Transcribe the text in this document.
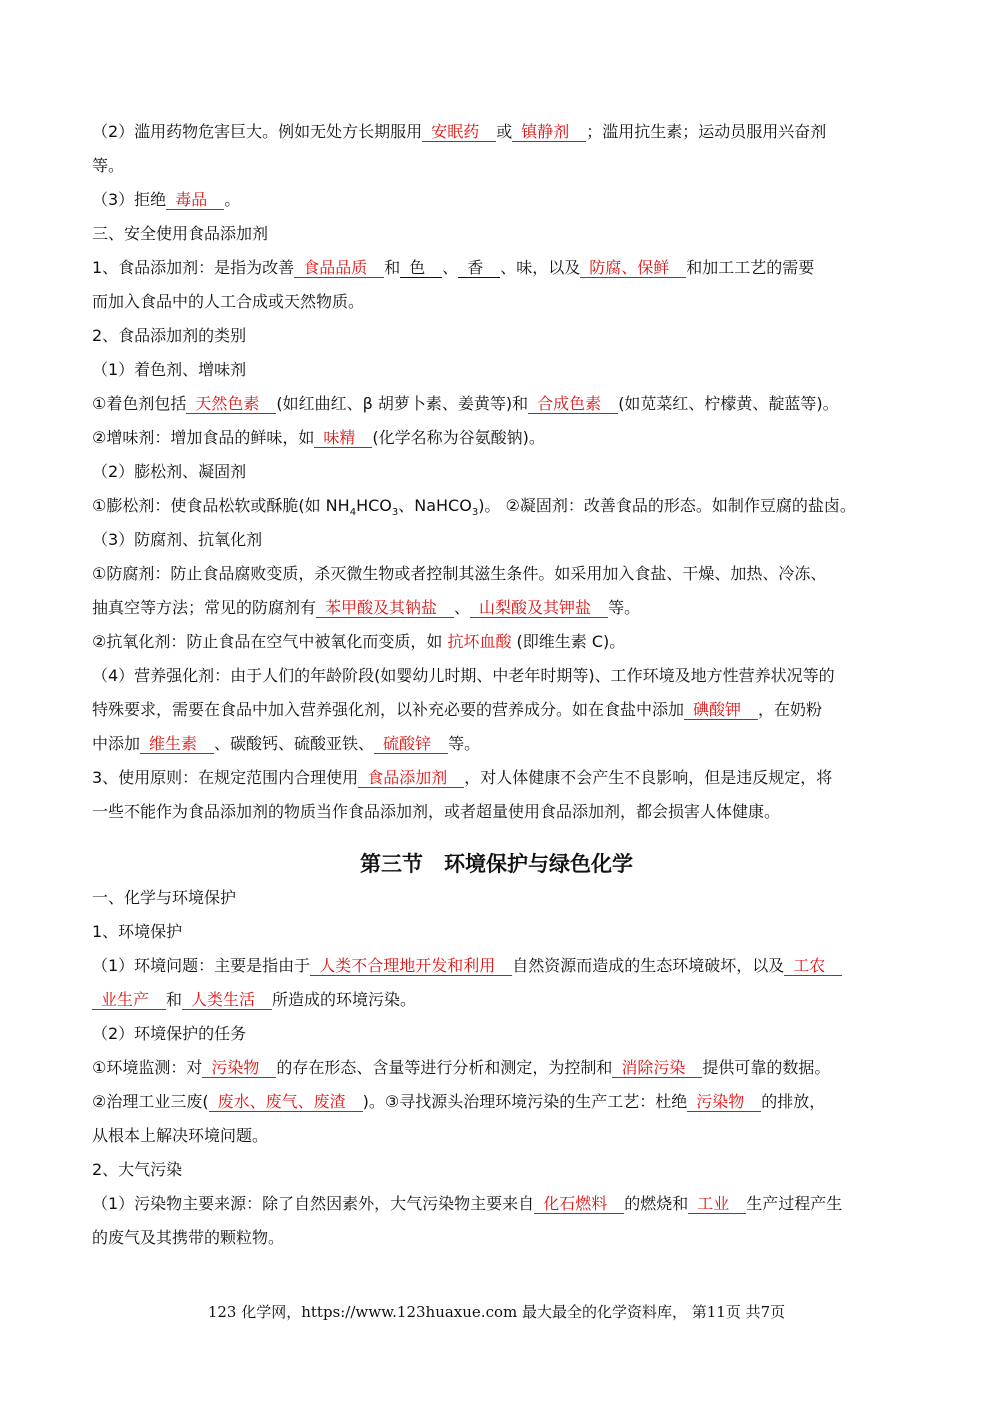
（2）滥用药物危害巨大。例如无处方长期服用 安眠药  或 镇静剂  ；滥用抗生素；运动员服用兴奋剂
等。
（3）拒绝 毒品  。
三、安全使用食品添加剂
1、食品添加剂：是指为改善 食品品质  和 色  、 香  、味，以及 防腐、保鲜  和加工工艺的需要
而加入食品中的人工合成或天然物质。
2、食品添加剂的类别
（1）着色剂、增味剂
①着色剂包括 天然色素  (如红曲红、β 胡萝卜素、姜黄等)和 合成色素  (如苋菜红、柠檬黄、靛蓝等)。
②增味剂：增加食品的鲜味，如 味精  (化学名称为谷氨酸钠)。
（2）膨松剂、凝固剂
①膨松剂：使食品松软或酥脆(如 $NH_4HCO_3$、NaHCO$_3$)。 ②凝固剂：改善食品的形态。如制作豆腐的盐卤。
（3）防腐剂、抗氧化剂
①防腐剂：防止食品腐败变质，杀灭微生物或者控制其滋生条件。如采用加入食盐、干燥、加热、冷冻、
抽真空等方法；常见的防腐剂有 苯甲酸及其钠盐  、 山梨酸及其钾盐  等。
②抗氧化剂：防止食品在空气中被氧化而变质，如 抗坏血酸 (即维生素 C)。
（4）营养强化剂：由于人们的年龄阶段(如婴幼儿时期、中老年时期等)、工作环境及地方性营养状况等的
特殊要求，需要在食品中加入营养强化剂，以补充必要的营养成分。如在食盐中添加 碘酸钾  ，在奶粉
中添加 维生素  、碳酸钙、硫酸亚铁、 硫酸锌  等。
3、使用原则：在规定范围内合理使用 食品添加剂  ，对人体健康不会产生不良影响，但是违反规定，将
一些不能作为食品添加剂的物质当作食品添加剂，或者超量使用食品添加剂，都会损害人体健康。
一、化学与环境保护
1、环境保护
（1）环境问题：主要是指由于 人类不合理地开发和利用  自然资源而造成的生态环境破坏，以及 工农  
 业生产  和 人类生活  所造成的环境污染。
（2）环境保护的任务
①环境监测：对 污染物  的存在形态、含量等进行分析和测定，为控制和 消除污染  提供可靠的数据。
②治理工业三废( 废水、废气、废渣  )。③寻找源头治理环境污染的生产工艺：杜绝 污染物  的排放，
从根本上解决环境问题。
2、大气污染
（1）污染物主要来源：除了自然因素外，大气污染物主要来自 化石燃料  的燃烧和 工业  生产过程产生
的废气及其携带的颗粒物。
第三节　环境保护与绿色化学
123 化学网，https://www.123huaxue.com 最大最全的化学资料库， 第11页 共7页
